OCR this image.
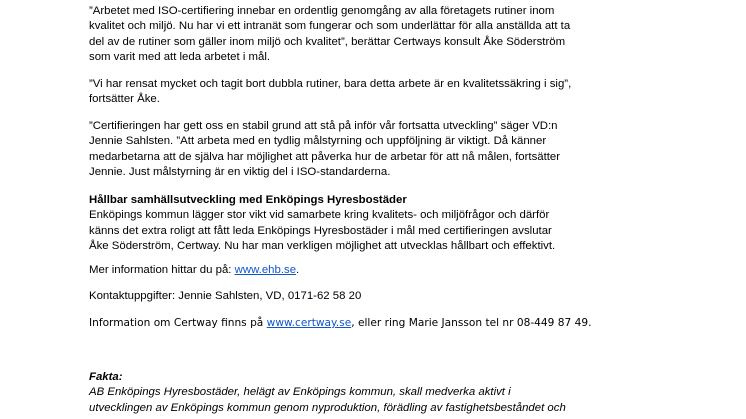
”Arbetet med ISO-certifiering innebar en ordentlig genomgång av alla företagets rutiner inom
kvalitet och miljö. Nu har vi ett intranät som fungerar och som underlättar för alla anställda att ta
del av de rutiner som gäller inom miljö och kvalitet”, berättar Certways konsult Åke Söderström
som varit med att leda arbetet i mål.

”Vi har rensat mycket och tagit bort dubbla rutiner, bara detta arbete är en kvalitetssäkring i sig”,
fortsätter Åke.

”Certifieringen har gett oss en stabil grund att stå på inför vår fortsatta utveckling” säger VD:n
Jennie Sahlsten. ”Att arbeta med en tydlig målstyrning och uppföljning är viktigt. Då känner
medarbetarna att de själva har möjlighet att påverka hur de arbetar för att nå målen, fortsätter
Jennie. Just målstyrning är en viktig del i ISO-standarderna.

Hållbar samhällsutveckling med Enköpings Hyresbostäder
Enköpings kommun lägger stor vikt vid samarbete kring kvalitets- och miljöfrågor och därför
känns det extra roligt att fått leda Enköpings Hyresbostäder i mål med certifieringen avslutar
Åke Söderström, Certway. Nu har man verkligen möjlighet att utvecklas hållbart och effektivt.

Mer information hittar du på: www.ehb.se.

Kontaktuppgifter: Jennie Sahlsten, VD, 0171-62 58 20

Information om Certway finns på www.certway.se, eller ring Marie Jansson tel nr 08-449 87 49.

Fakta:
AB Enköpings Hyresbostäder, helägt av Enköpings kommun, skall medverka aktivt i
utvecklingen av Enköpings kommun genom nyproduktion, förädling av fastighetsbeståndet och
